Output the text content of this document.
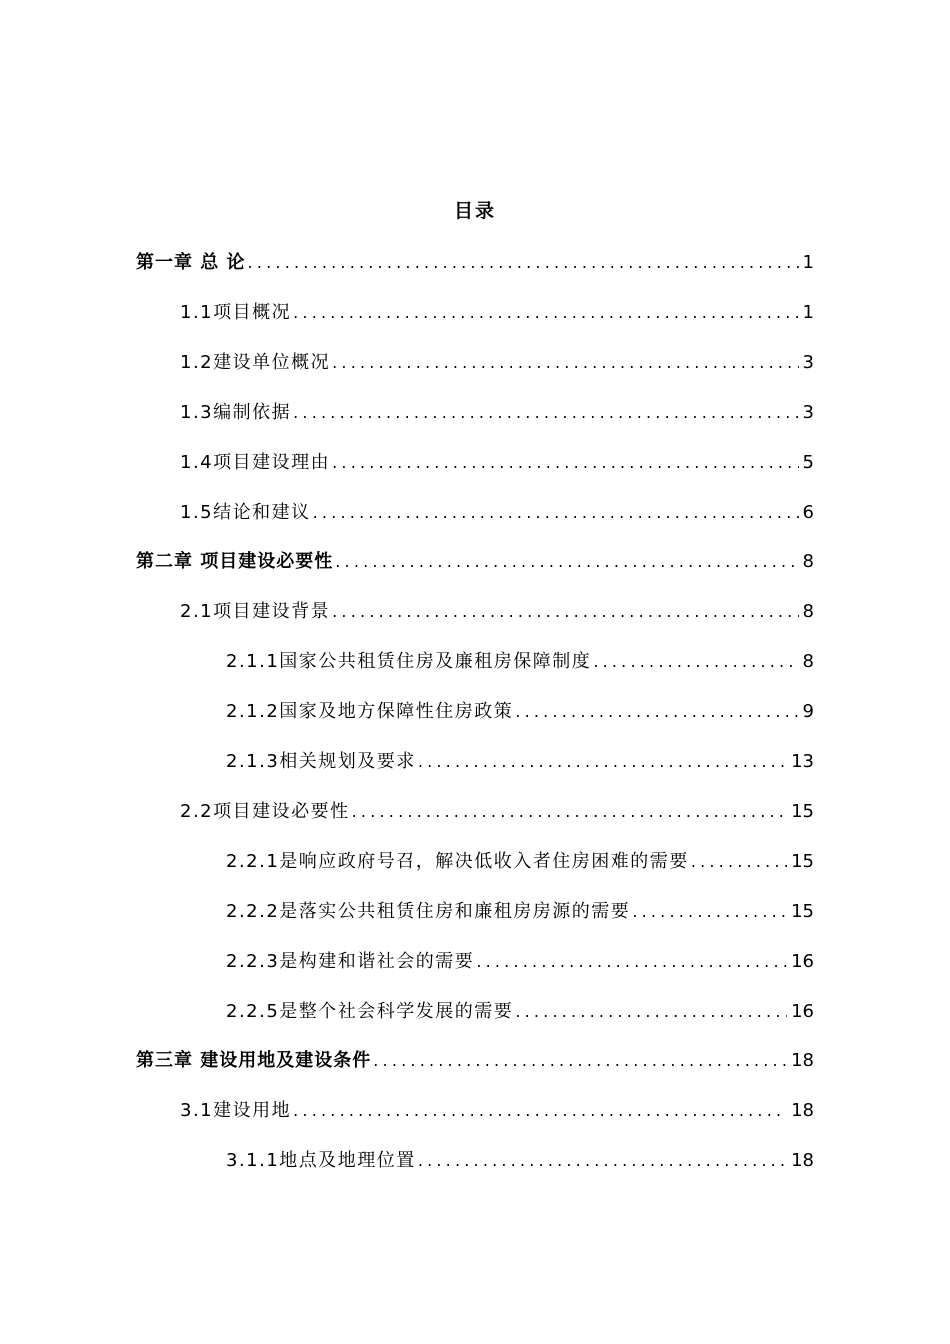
目录
第一章 总 论 .....	1
1.1项目概况 .....	1
1.2建设单位概况 .....	3
1.3编制依据 .....	3
1.4项目建设理由 .....	5
1.5结论和建议 .....	6
第二章 项目建设必要性 .....	8
2.1项目建设背景 .....	8
2.1.1国家公共租赁住房及廉租房保障制度 .....	8
2.1.2国家及地方保障性住房政策 .....	9
2.1.3相关规划及要求 .....	13
2.2项目建设必要性 .....	15
2.2.1是响应政府号召，解决低收入者住房困难的需要 .....	15
2.2.2是落实公共租赁住房和廉租房房源的需要 .....	15
2.2.3是构建和谐社会的需要 .....	16
2.2.5是整个社会科学发展的需要 .....	16
第三章 建设用地及建设条件 .....	18
3.1建设用地 .....	18
3.1.1地点及地理位置 .....	18
